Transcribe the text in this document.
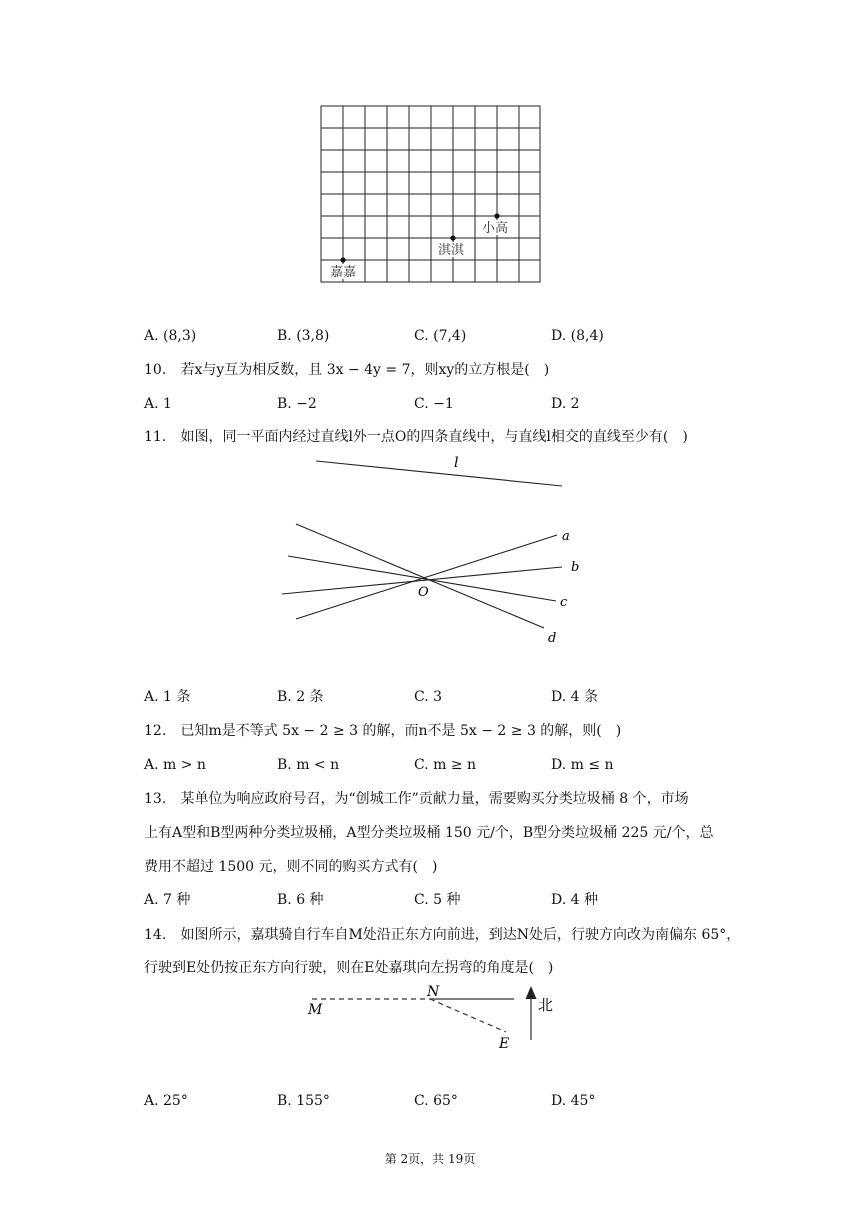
嘉嘉
淇淇
小高
A. (8,3)	B. (3,8)	C. (7,4)	D. (8,4)
10. 若x与y互为相反数，且 3x − 4y = 7，则xy的立方根是(　)
A. 1	B. −2	C. −1	D. 2
11. 如图，同一平面内经过直线l外一点O的四条直线中，与直线l相交的直线至少有(　)
l
a
b
O
c
d
A. 1 条	B. 2 条	C. 3	D. 4 条
12. 已知m是不等式 5x − 2 ≥ 3 的解，而n不是 5x − 2 ≥ 3 的解，则(　)
A. m > n	B. m < n	C. m ≥ n	D. m ≤ n
13. 某单位为响应政府号召，为“创城工作”贡献力量，需要购买分类垃圾桶 8 个，市场
上有A型和B型两种分类垃圾桶，A型分类垃圾桶 150 元/个，B型分类垃圾桶 225 元/个，总
费用不超过 1500 元，则不同的购买方式有(　)
A. 7 种	B. 6 种	C. 5 种	D. 4 种
14. 如图所示，嘉琪骑自行车自M处沿正东方向前进，到达N处后，行驶方向改为南偏东 65°，
行驶到E处仍按正东方向行驶，则在E处嘉琪向左拐弯的角度是(　)
M
N
E
北
A. 25°	B. 155°	C. 65°	D. 45°
第 2页，共 19页
